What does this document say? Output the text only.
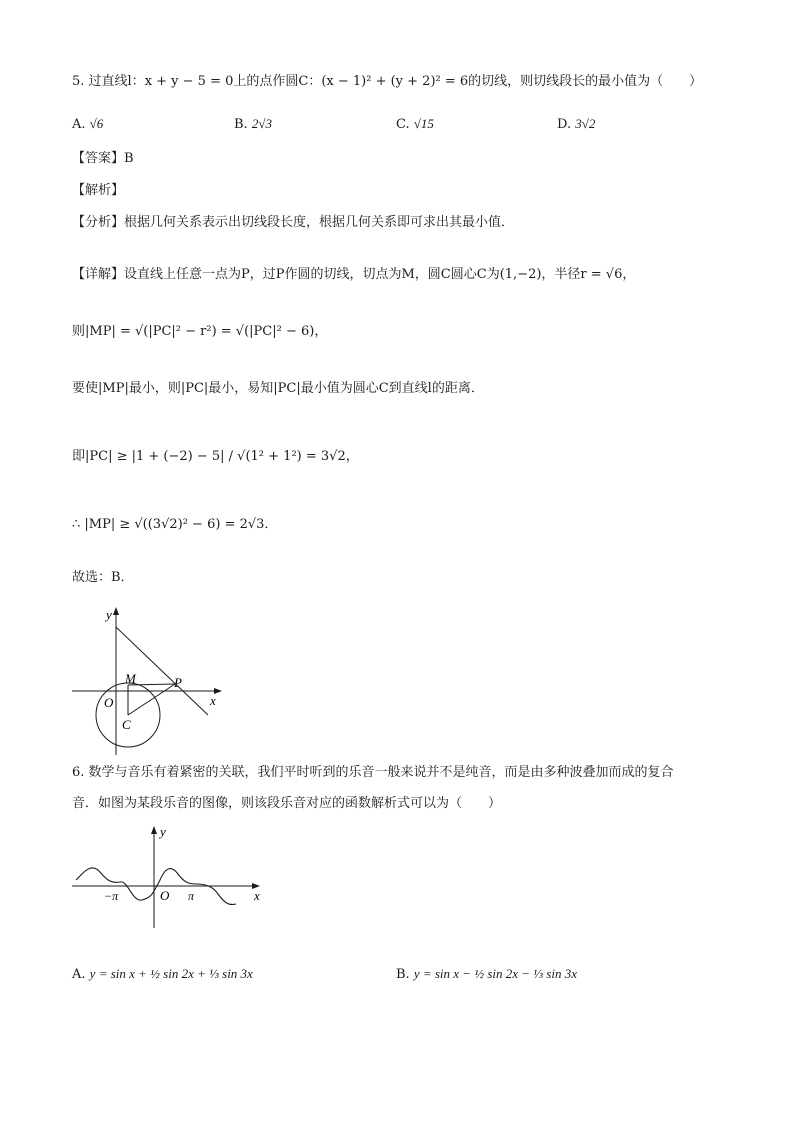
5. 过直线l：x + y − 5 = 0上的点作圆C：(x − 1)² + (y + 2)² = 6的切线，则切线段长的最小值为（　　）
A. √6	B. 2√3	C. √15	D. 3√2
【答案】B
【解析】
【分析】根据几何关系表示出切线段长度，根据几何关系即可求出其最小值．
【详解】设直线上任意一点为P，过P作圆的切线，切点为M，圆C圆心C为(1,−2)，半径r = √6，
则|MP| = √(|PC|² − r²) = √(|PC|² − 6)，
要使|MP|最小，则|PC|最小，易知|PC|最小值为圆心C到直线l的距离．
即|PC| ≥ |1 + (−2) − 5| / √(1² + 1²) = 3√2，
∴ |MP| ≥ √((3√2)² − 6) = 2√3．
故选：B．
y
x
O
M	P
C
6. 数学与音乐有着紧密的关联，我们平时听到的乐音一般来说并不是纯音，而是由多种波叠加而成的复合
音．如图为某段乐音的图像，则该段乐音对应的函数解析式可以为（　　）
y
x
O
−π	π
A. y = sin x + ½ sin 2x + ⅓ sin 3x	B. y = sin x − ½ sin 2x − ⅓ sin 3x
